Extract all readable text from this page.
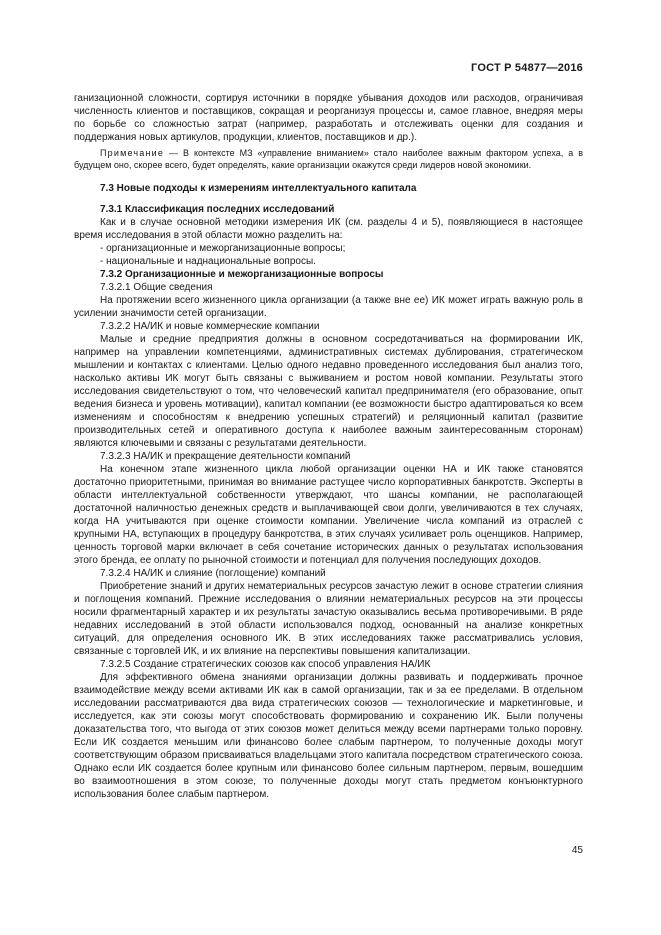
ГОСТ Р 54877—2016

ганизационной сложности, сортируя источники в порядке убывания доходов или расходов, ограничивая численность клиентов и поставщиков, сокращая и реорганизуя процессы и, самое главное, внедряя меры по борьбе со сложностью затрат (например, разработать и отслеживать оценки для создания и поддержания новых артикулов, продукции, клиентов, поставщиков и др.).

Примечание — В контексте МЗ «управление вниманием» стало наиболее важным фактором успеха, а в будущем оно, скорее всего, будет определять, какие организации окажутся среди лидеров новой экономики.

7.3 Новые подходы к измерениям интеллектуального капитала

7.3.1 Классификация последних исследований

Как и в случае основной методики измерения ИК (см. разделы 4 и 5), появляющиеся в настоящее время исследования в этой области можно разделить на:

- организационные и межорганизационные вопросы;

- национальные и наднациональные вопросы.

7.3.2 Организационные и межорганизационные вопросы

7.3.2.1 Общие сведения

На протяжении всего жизненного цикла организации (а также вне ее) ИК может играть важную роль в усилении значимости сетей организации.

7.3.2.2 НА/ИК и новые коммерческие компании

Малые и средние предприятия должны в основном сосредотачиваться на формировании ИК, например на управлении компетенциями, административных системах дублирования, стратегическом мышлении и контактах с клиентами. Целью одного недавно проведенного исследования был анализ того, насколько активы ИК могут быть связаны с выживанием и ростом новой компании. Результаты этого исследования свидетельствуют о том, что человеческий капитал предпринимателя (его образование, опыт ведения бизнеса и уровень мотивации), капитал компании (ее возможности быстро адаптироваться ко всем изменениям и способностям к внедрению успешных стратегий) и реляционный капитал (развитие производительных сетей и оперативного доступа к наиболее важным заинтересованным сторонам) являются ключевыми и связаны с результатами деятельности.

7.3.2.3 НА/ИК и прекращение деятельности компаний

На конечном этапе жизненного цикла любой организации оценки НА и ИК также становятся достаточно приоритетными, принимая во внимание растущее число корпоративных банкротств. Эксперты в области интеллектуальной собственности утверждают, что шансы компании, не располагающей достаточной наличностью денежных средств и выплачивающей свои долги, увеличиваются в тех случаях, когда НА учитываются при оценке стоимости компании. Увеличение числа компаний из отраслей с крупными НА, вступающих в процедуру банкротства, в этих случаях усиливает роль оценщиков. Например, ценность торговой марки включает в себя сочетание исторических данных о результатах использования этого бренда, ее оплату по рыночной стоимости и потенциал для получения последующих доходов.

7.3.2.4 НА/ИК и слияние (поглощение) компаний

Приобретение знаний и других нематериальных ресурсов зачастую лежит в основе стратегии слияния и поглощения компаний. Прежние исследования о влиянии нематериальных ресурсов на эти процессы носили фрагментарный характер и их результаты зачастую оказывались весьма противоречивыми. В ряде недавних исследований в этой области использовался подход, основанный на анализе конкретных ситуаций, для определения основного ИК. В этих исследованиях также рассматривались условия, связанные с торговлей ИК, и их влияние на перспективы повышения капитализации.

7.3.2.5 Создание стратегических союзов как способ управления НА/ИК

Для эффективного обмена знаниями организации должны развивать и поддерживать прочное взаимодействие между всеми активами ИК как в самой организации, так и за ее пределами. В отдельном исследовании рассматриваются два вида стратегических союзов — технологические и маркетинговые, и исследуется, как эти союзы могут способствовать формированию и сохранению ИК. Были получены доказательства того, что выгода от этих союзов может делиться между всеми партнерами только поровну. Если ИК создается меньшим или финансово более слабым партнером, то полученные доходы могут соответствующим образом присваиваться владельцами этого капитала посредством стратегического союза. Однако если ИК создается более крупным или финансово более сильным партнером, первым, вошедшим во взаимоотношения в этом союзе, то полученные доходы могут стать предметом конъюнктурного использования более слабым партнером.

45
